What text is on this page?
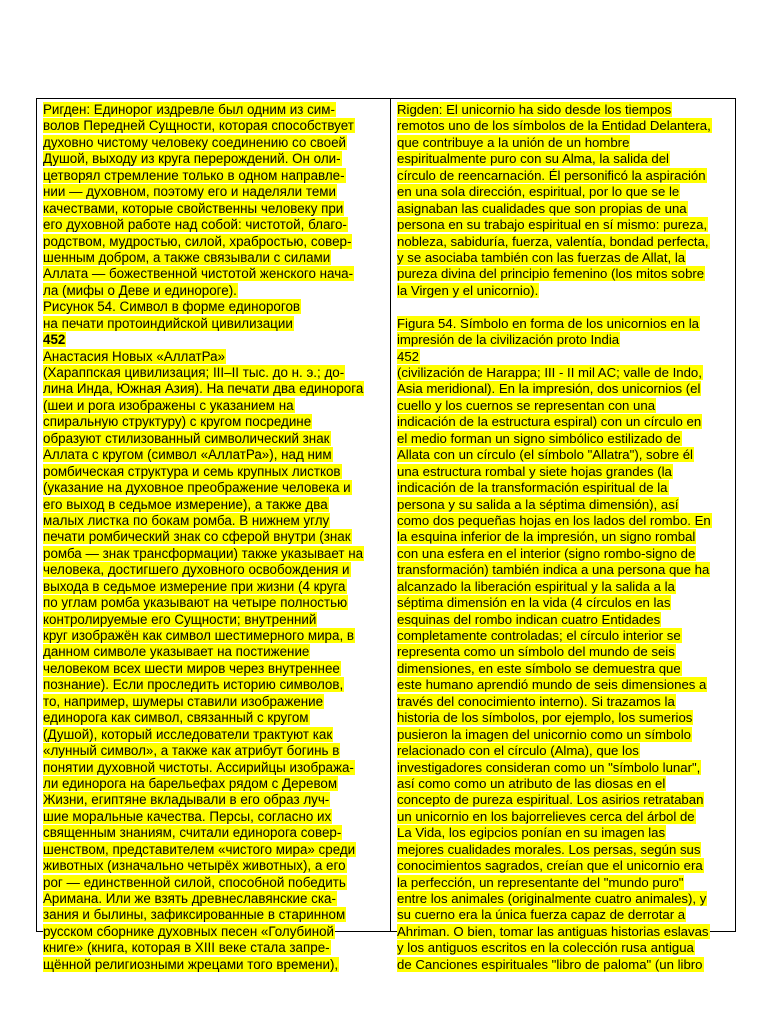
Ригден: Единорог издревле был одним из сим-
волов Передней Сущности, которая способствует
духовно чистому человеку соединению со своей
Душой, выходу из круга перерождений. Он оли-
цетворял стремление только в одном направле-
нии — духовном, поэтому его и наделяли теми
качествами, которые свойственны человеку при
его духовной работе над собой: чистотой, благо-
родством, мудростью, силой, храбростью, совер-
шенным добром, а также связывали с силами
Аллата — божественной чистотой женского нача-
ла (мифы о Деве и единороге).
Рисунок 54. Символ в форме единорогов
на печати протоиндийской цивилизации
452
Анастасия Новых «АллатРа»
(Хараппская цивилизация; III–II тыс. до н. э.; до-
лина Инда, Южная Азия). На печати два единорога
(шеи и рога изображены с указанием на
спиральную структуру) с кругом посредине
образуют стилизованный символический знак
Аллата с кругом (символ «АллатРа»), над ним
ромбическая структура и семь крупных листков
(указание на духовное преображение человека и
его выход в седьмое измерение), а также два
малых листка по бокам ромба. В нижнем углу
печати ромбический знак со сферой внутри (знак
ромба — знак трансформации) также указывает на
человека, достигшего духовного освобождения и
выхода в седьмое измерение при жизни (4 круга
по углам ромба указывают на четыре полностью
контролируемые его Сущности; внутренний
круг изображён как символ шестимерного мира, в
данном символе указывает на постижение
человеком всех шести миров через внутреннее
познание). Если проследить историю символов,
то, например, шумеры ставили изображение
единорога как символ, связанный с кругом
(Душой), который исследователи трактуют как
«лунный символ», а также как атрибут богинь в
понятии духовной чистоты. Ассирийцы изобража-
ли единорога на барельефах рядом с Деревом
Жизни, египтяне вкладывали в его образ луч-
шие моральные качества. Персы, согласно их
священным знаниям, считали единорога совер-
шенством, представителем «чистого мира» среди
животных (изначально четырёх животных), а его
рог — единственной силой, способной победить
Аримана. Или же взять древнеславянские ска-
зания и былины, зафиксированные в старинном
русском сборнике духовных песен «Голубиной
книге» (книга, которая в XIII веке стала запре-
щённой религиозными жрецами того времени),
Rigden: El unicornio ha sido desde los tiempos
remotos uno de los símbolos de la Entidad Delantera,
que contribuye a la unión de un hombre
espiritualmente puro con su Alma, la salida del
círculo de reencarnación. Él personificó la aspiración
en una sola dirección, espiritual, por lo que se le
asignaban las cualidades que son propias de una
persona en su trabajo espiritual en sí mismo: pureza,
nobleza, sabiduría, fuerza, valentía, bondad perfecta,
y se asociaba también con las fuerzas de Allat, la
pureza divina del principio femenino (los mitos sobre
la Virgen y el unicornio).
Figura 54. Símbolo en forma de los unicornios en la
impresión de la civilización proto India
452
(civilización de Harappa; III - II mil AC; valle de Indo,
Asia meridional). En la impresión, dos unicornios (el
cuello y los cuernos se representan con una
indicación de la estructura espiral) con un círculo en
el medio forman un signo simbólico estilizado de
Allata con un círculo (el símbolo "Allatra"), sobre él
una estructura rombal y siete hojas grandes (la
indicación de la transformación espiritual de la
persona y su salida a la séptima dimensión), así
como dos pequeñas hojas en los lados del rombo. En
la esquina inferior de la impresión, un signo rombal
con una esfera en el interior (signo rombo-signo de
transformación) también indica a una persona que ha
alcanzado la liberación espiritual y la salida a la
séptima dimensión en la vida (4 círculos en las
esquinas del rombo indican cuatro Entidades
completamente controladas; el círculo interior se
representa como un símbolo del mundo de seis
dimensiones, en este símbolo se demuestra que
este humano aprendió mundo de seis dimensiones a
través del conocimiento interno). Si trazamos la
historia de los símbolos, por ejemplo, los sumerios
pusieron la imagen del unicornio como un símbolo
relacionado con el círculo (Alma), que los
investigadores consideran como un "símbolo lunar",
así como como un atributo de las diosas en el
concepto de pureza espiritual. Los asirios retrataban
un unicornio en los bajorrelieves cerca del árbol de
La Vida, los egipcios ponían en su imagen las
mejores cualidades morales. Los persas, según sus
conocimientos sagrados, creían que el unicornio era
la perfección, un representante del "mundo puro"
entre los animales (originalmente cuatro animales), y
su cuerno era la única fuerza capaz de derrotar a
Ahriman. O bien, tomar las antiguas historias eslavas
y los antiguos escritos en la colección rusa antigua
de Canciones espirituales "libro de paloma" (un libro
